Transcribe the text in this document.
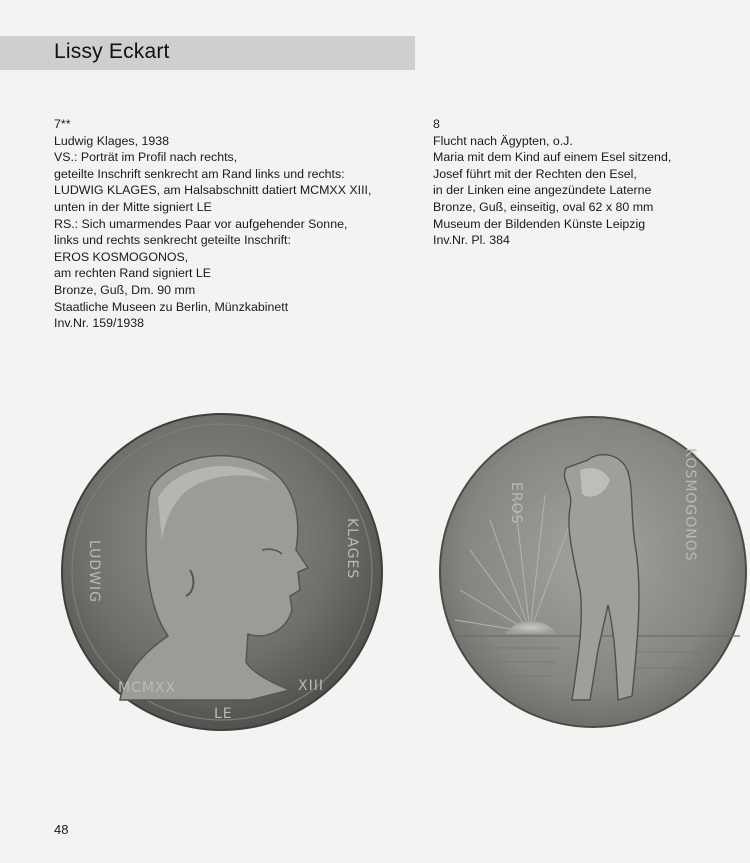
Lissy Eckart
7**
Ludwig Klages, 1938
VS.: Porträt im Profil nach rechts,
geteilte Inschrift senkrecht am Rand links und rechts:
LUDWIG KLAGES, am Halsabschnitt datiert MCMXX XIII,
unten in der Mitte signiert LE
RS.: Sich umarmendes Paar vor aufgehender Sonne,
links und rechts senkrecht geteilte Inschrift:
EROS KOSMOGONOS,
am rechten Rand signiert LE
Bronze, Guß, Dm. 90 mm
Staatliche Museen zu Berlin, Münzkabinett
Inv.Nr. 159/1938
8
Flucht nach Ägypten, o.J.
Maria mit dem Kind auf einem Esel sitzend,
Josef führt mit der Rechten den Esel,
in der Linken eine angezündete Laterne
Bronze, Guß, einseitig, oval 62 x 80 mm
Museum der Bildenden Künste Leipzig
Inv.Nr. Pl. 384
LUDWIG	KLAGES
MCMXX	XIII
LE
EROS	KOSMOGONOS
48
